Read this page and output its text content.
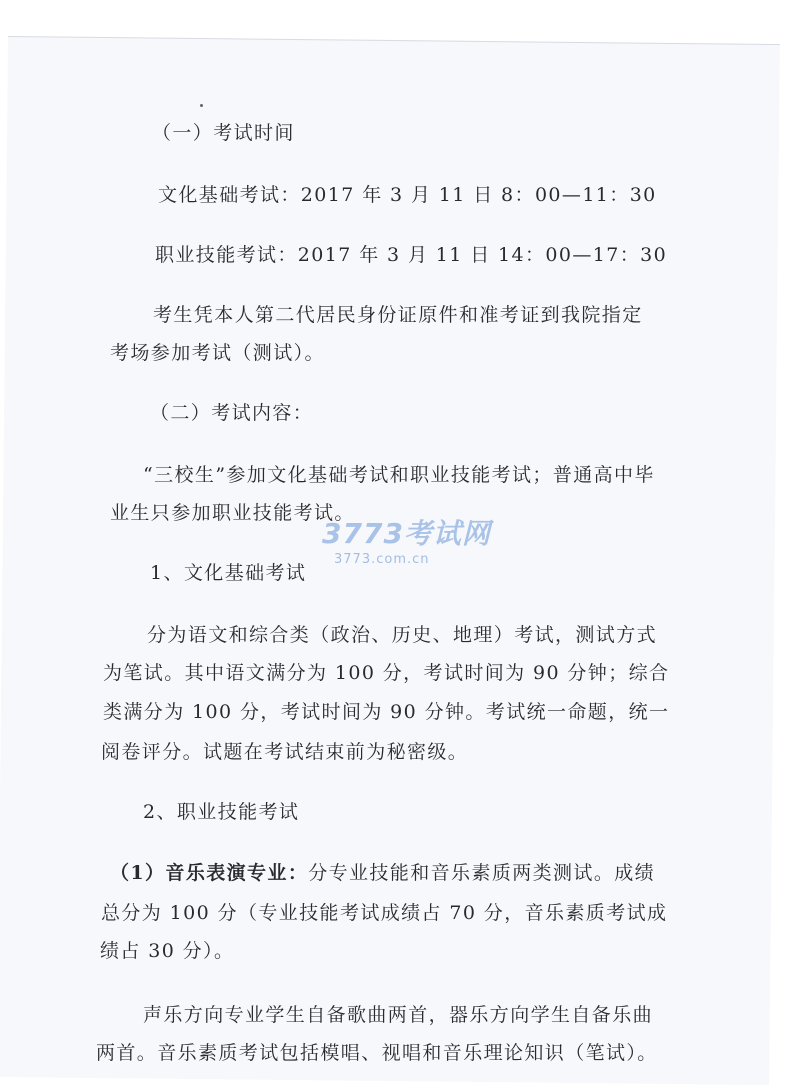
（一）考试时间
文化基础考试：2017 年 3 月 11 日 8：00—11：30
职业技能考试：2017 年 3 月 11 日 14：00—17：30
考生凭本人第二代居民身份证原件和准考证到我院指定
考场参加考试（测试）。
（二）考试内容：
“三校生”参加文化基础考试和职业技能考试；普通高中毕
业生只参加职业技能考试。
1、文化基础考试
分为语文和综合类（政治、历史、地理）考试，测试方式
为笔试。其中语文满分为 100 分，考试时间为 90 分钟；综合
类满分为 100 分，考试时间为 90 分钟。考试统一命题，统一
阅卷评分。试题在考试结束前为秘密级。
2、职业技能考试
（1）音乐表演专业：分专业技能和音乐素质两类测试。成绩
总分为 100 分（专业技能考试成绩占 70 分，音乐素质考试成
绩占 30 分）。
声乐方向专业学生自备歌曲两首，器乐方向学生自备乐曲
两首。音乐素质考试包括模唱、视唱和音乐理论知识（笔试）。
3773考试网
3773.com.cn
